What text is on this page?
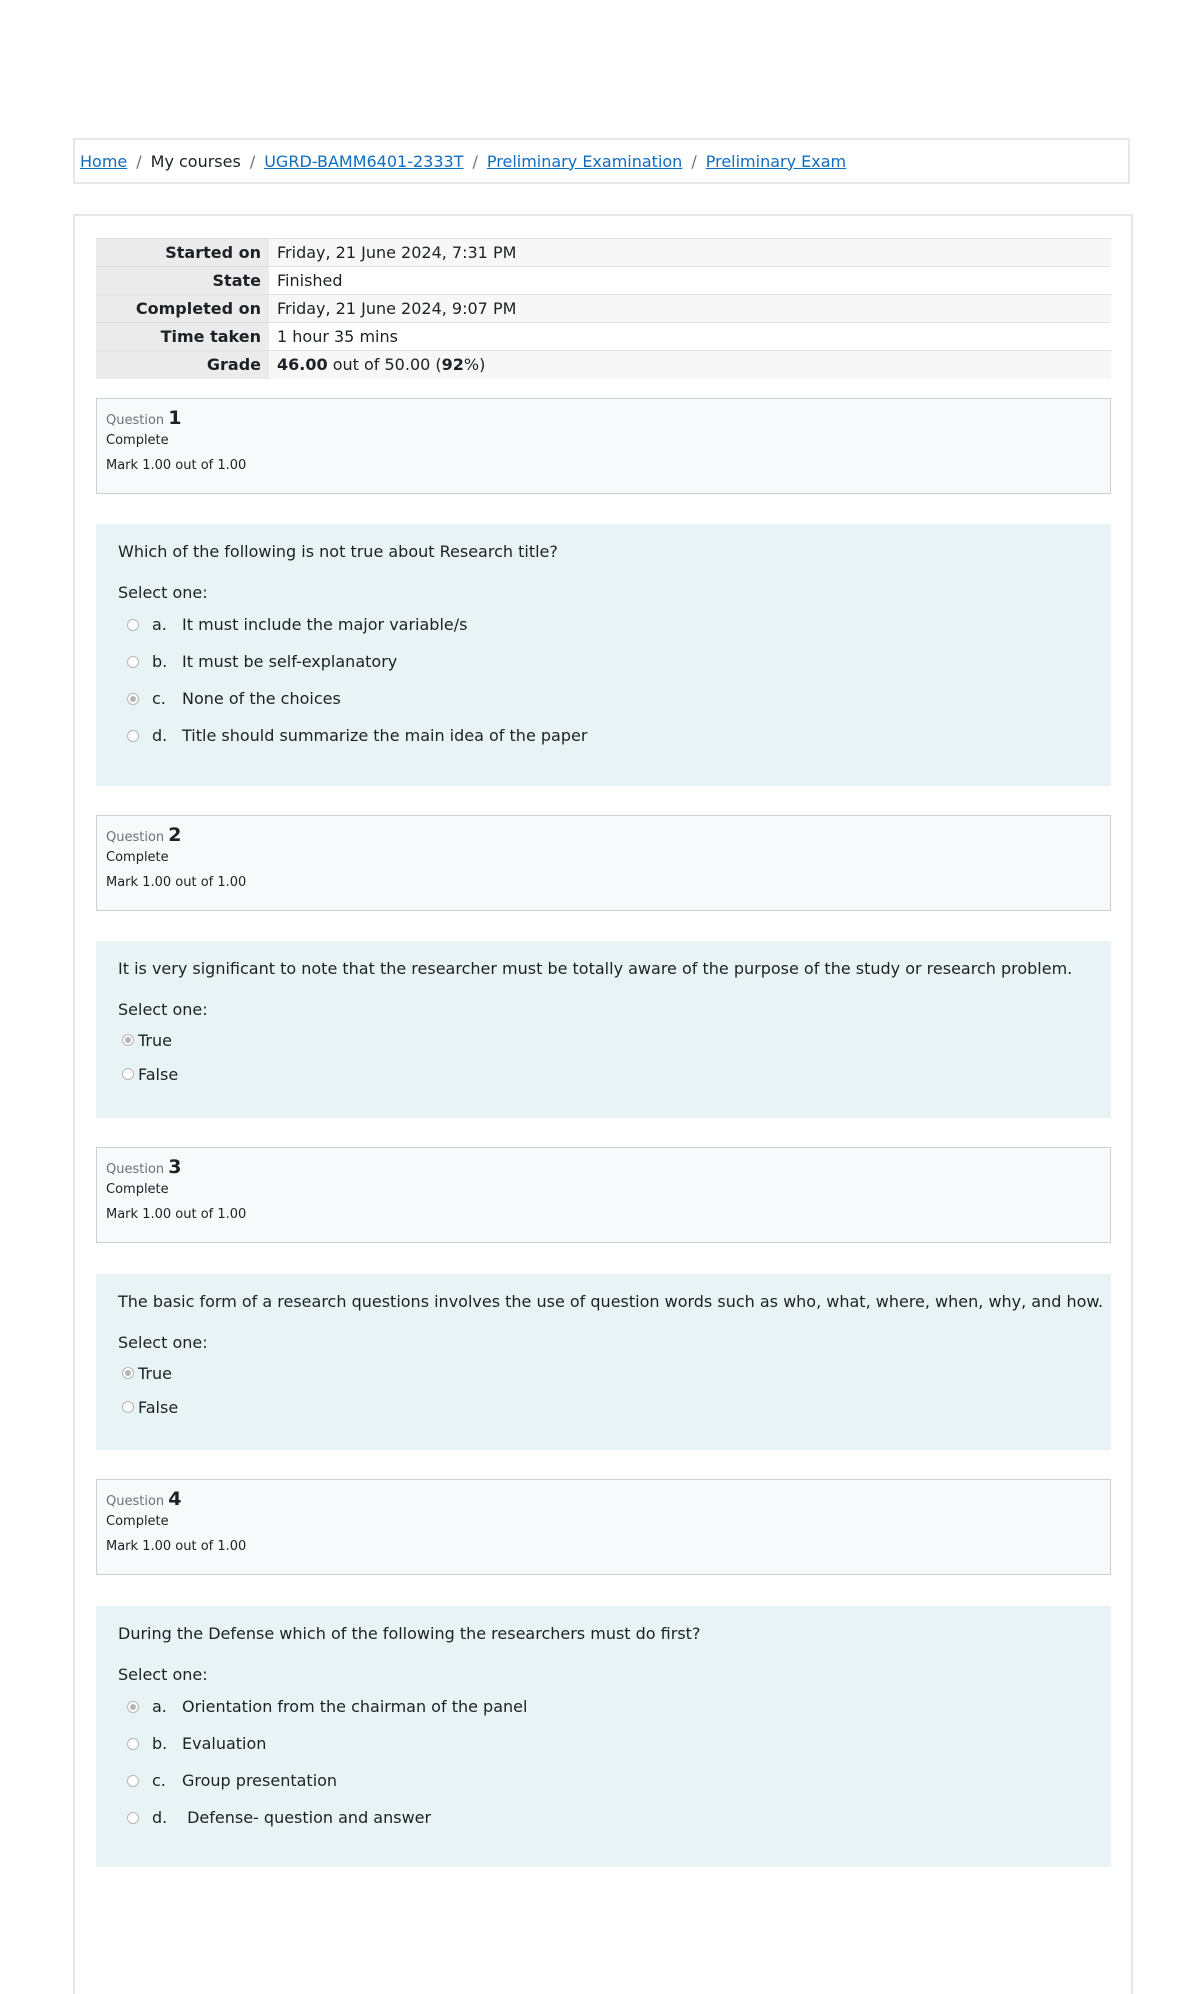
Home / My courses / UGRD-BAMM6401-2333T / Preliminary Examination / Preliminary Exam
Started on	Friday, 21 June 2024, 7:31 PM
State	Finished
Completed on	Friday, 21 June 2024, 9:07 PM
Time taken	1 hour 35 mins
Grade	46.00 out of 50.00 (92%)
Question 1
Complete
Mark 1.00 out of 1.00
Which of the following is not true about Research title?
Select one:
a. It must include the major variable/s
b. It must be self-explanatory
c.	None of the choices
d. Title should summarize the main idea of the paper
Question 2
Complete
Mark 1.00 out of 1.00
It is very significant to note that the researcher must be totally aware of the purpose of the study or research problem.
Select one:
True
False
Question 3
Complete
Mark 1.00 out of 1.00
The basic form of a research questions involves the use of question words such as who, what, where, when, why, and how.
Select one:
True
False
Question 4
Complete
Mark 1.00 out of 1.00
During the Defense which of the following the researchers must do first?
Select one:
a. Orientation from the chairman of the panel
b. Evaluation
c.	Group presentation
d. Defense- question and answer
